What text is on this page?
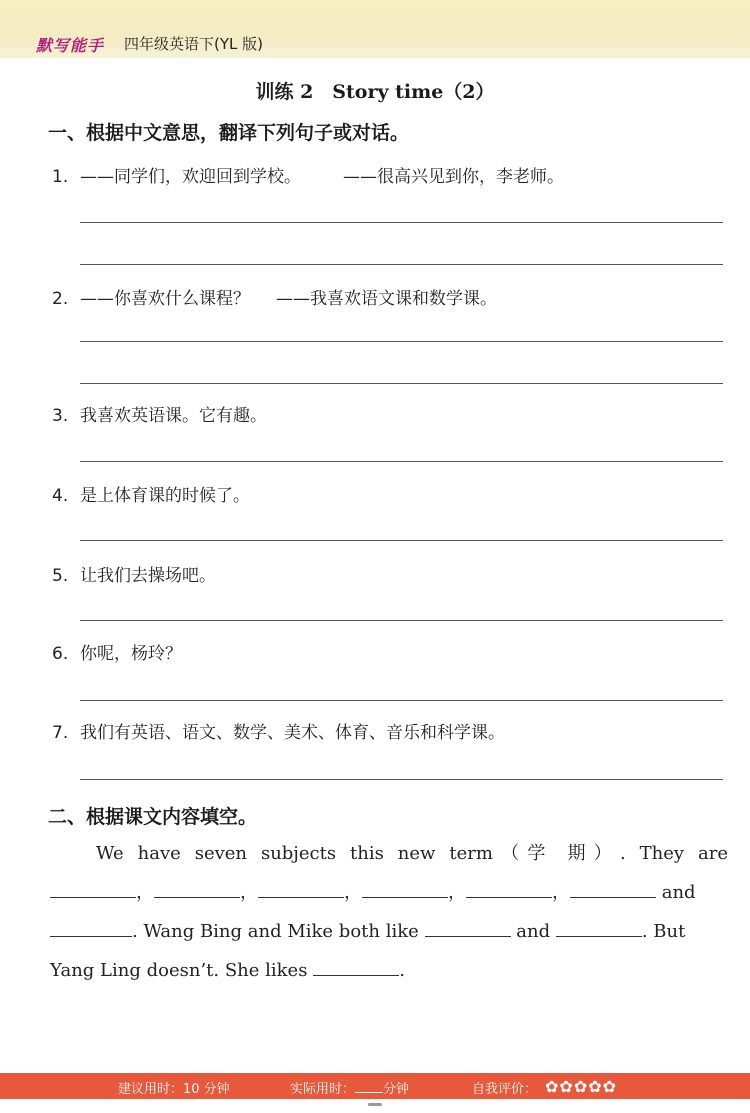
默写能手 四年级英语下(YL 版)
训练 2　Story time（2）
一、根据中文意思，翻译下列句子或对话。
1. ——同学们，欢迎回到学校。 ——很高兴见到你，李老师。
2. ——你喜欢什么课程？ ——我喜欢语文课和数学课。
3. 我喜欢英语课。它有趣。
4. 是上体育课的时候了。
5. 让我们去操场吧。
6. 你呢，杨玲？
7. 我们有英语、语文、数学、美术、体育、音乐和科学课。
二、根据课文内容填空。
We have seven subjects this new term（学 期）. They are
，	，	，	，	，	and
. Wang Bing and Mike both like	and	. But
Yang Ling doesn’t. She likes	.
建议用时：10 分钟	实际用时： 分钟	自我评价： ✿✿✿✿✿
